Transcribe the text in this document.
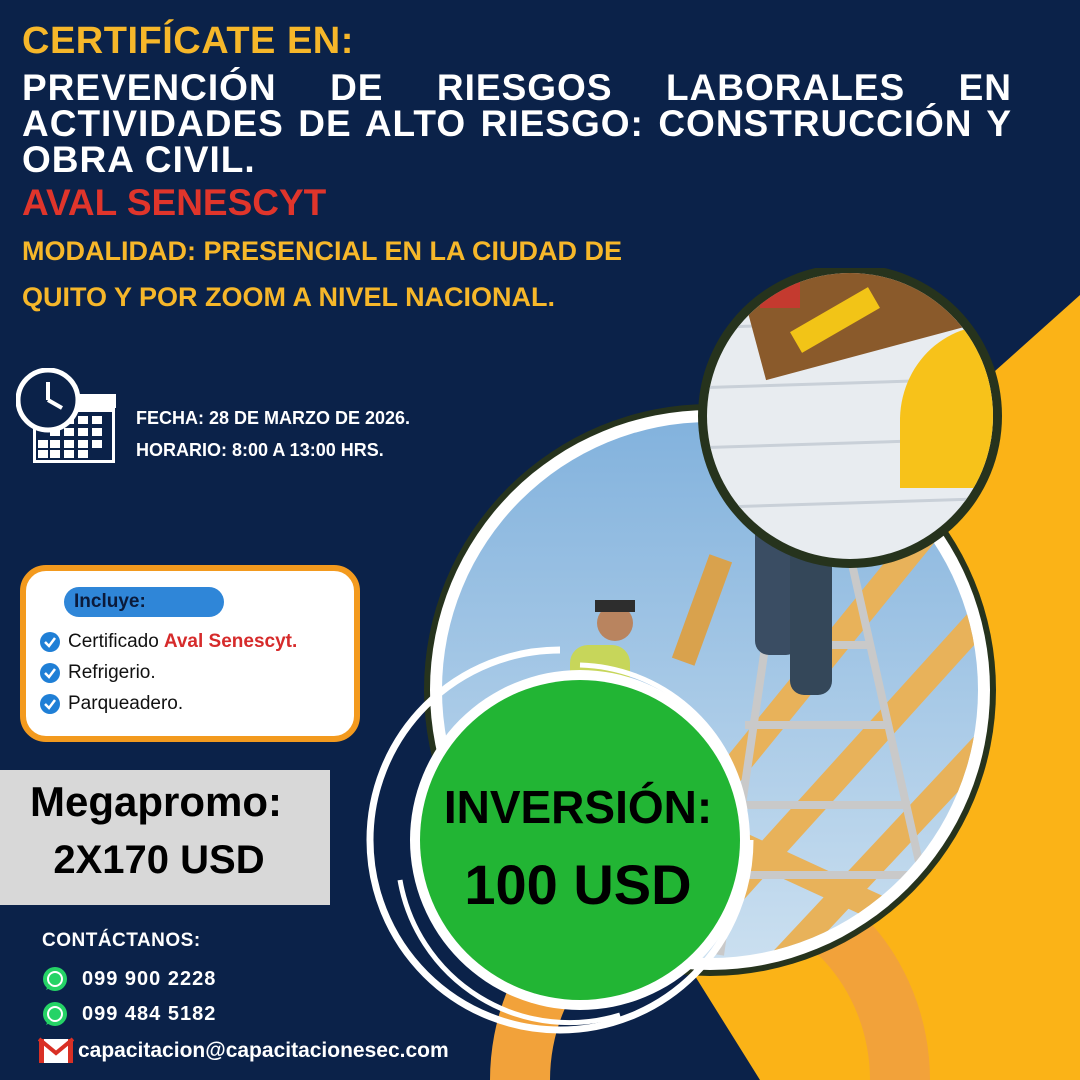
INVERSIÓN:
100 USD
CERTIFÍCATE EN:
PREVENCIÓN DE RIESGOS LABORALES EN ACTIVIDADES DE ALTO RIESGO: CONSTRUCCIÓN Y OBRA CIVIL.
AVAL SENESCYT

MODALIDAD: PRESENCIAL EN LA CIUDAD DE QUITO Y POR ZOOM A NIVEL NACIONAL.

FECHA: 28 DE MARZO DE 2026.
HORARIO: 8:00 A 13:00 HRS.
Incluye:
Certificado Aval Senescyt.
Refrigerio.
Parqueadero.
Megapromo:
2X170 USD
CONTÁCTANOS:
099 900 2228
099 484 5182
capacitacion@capacitacionesec.com
